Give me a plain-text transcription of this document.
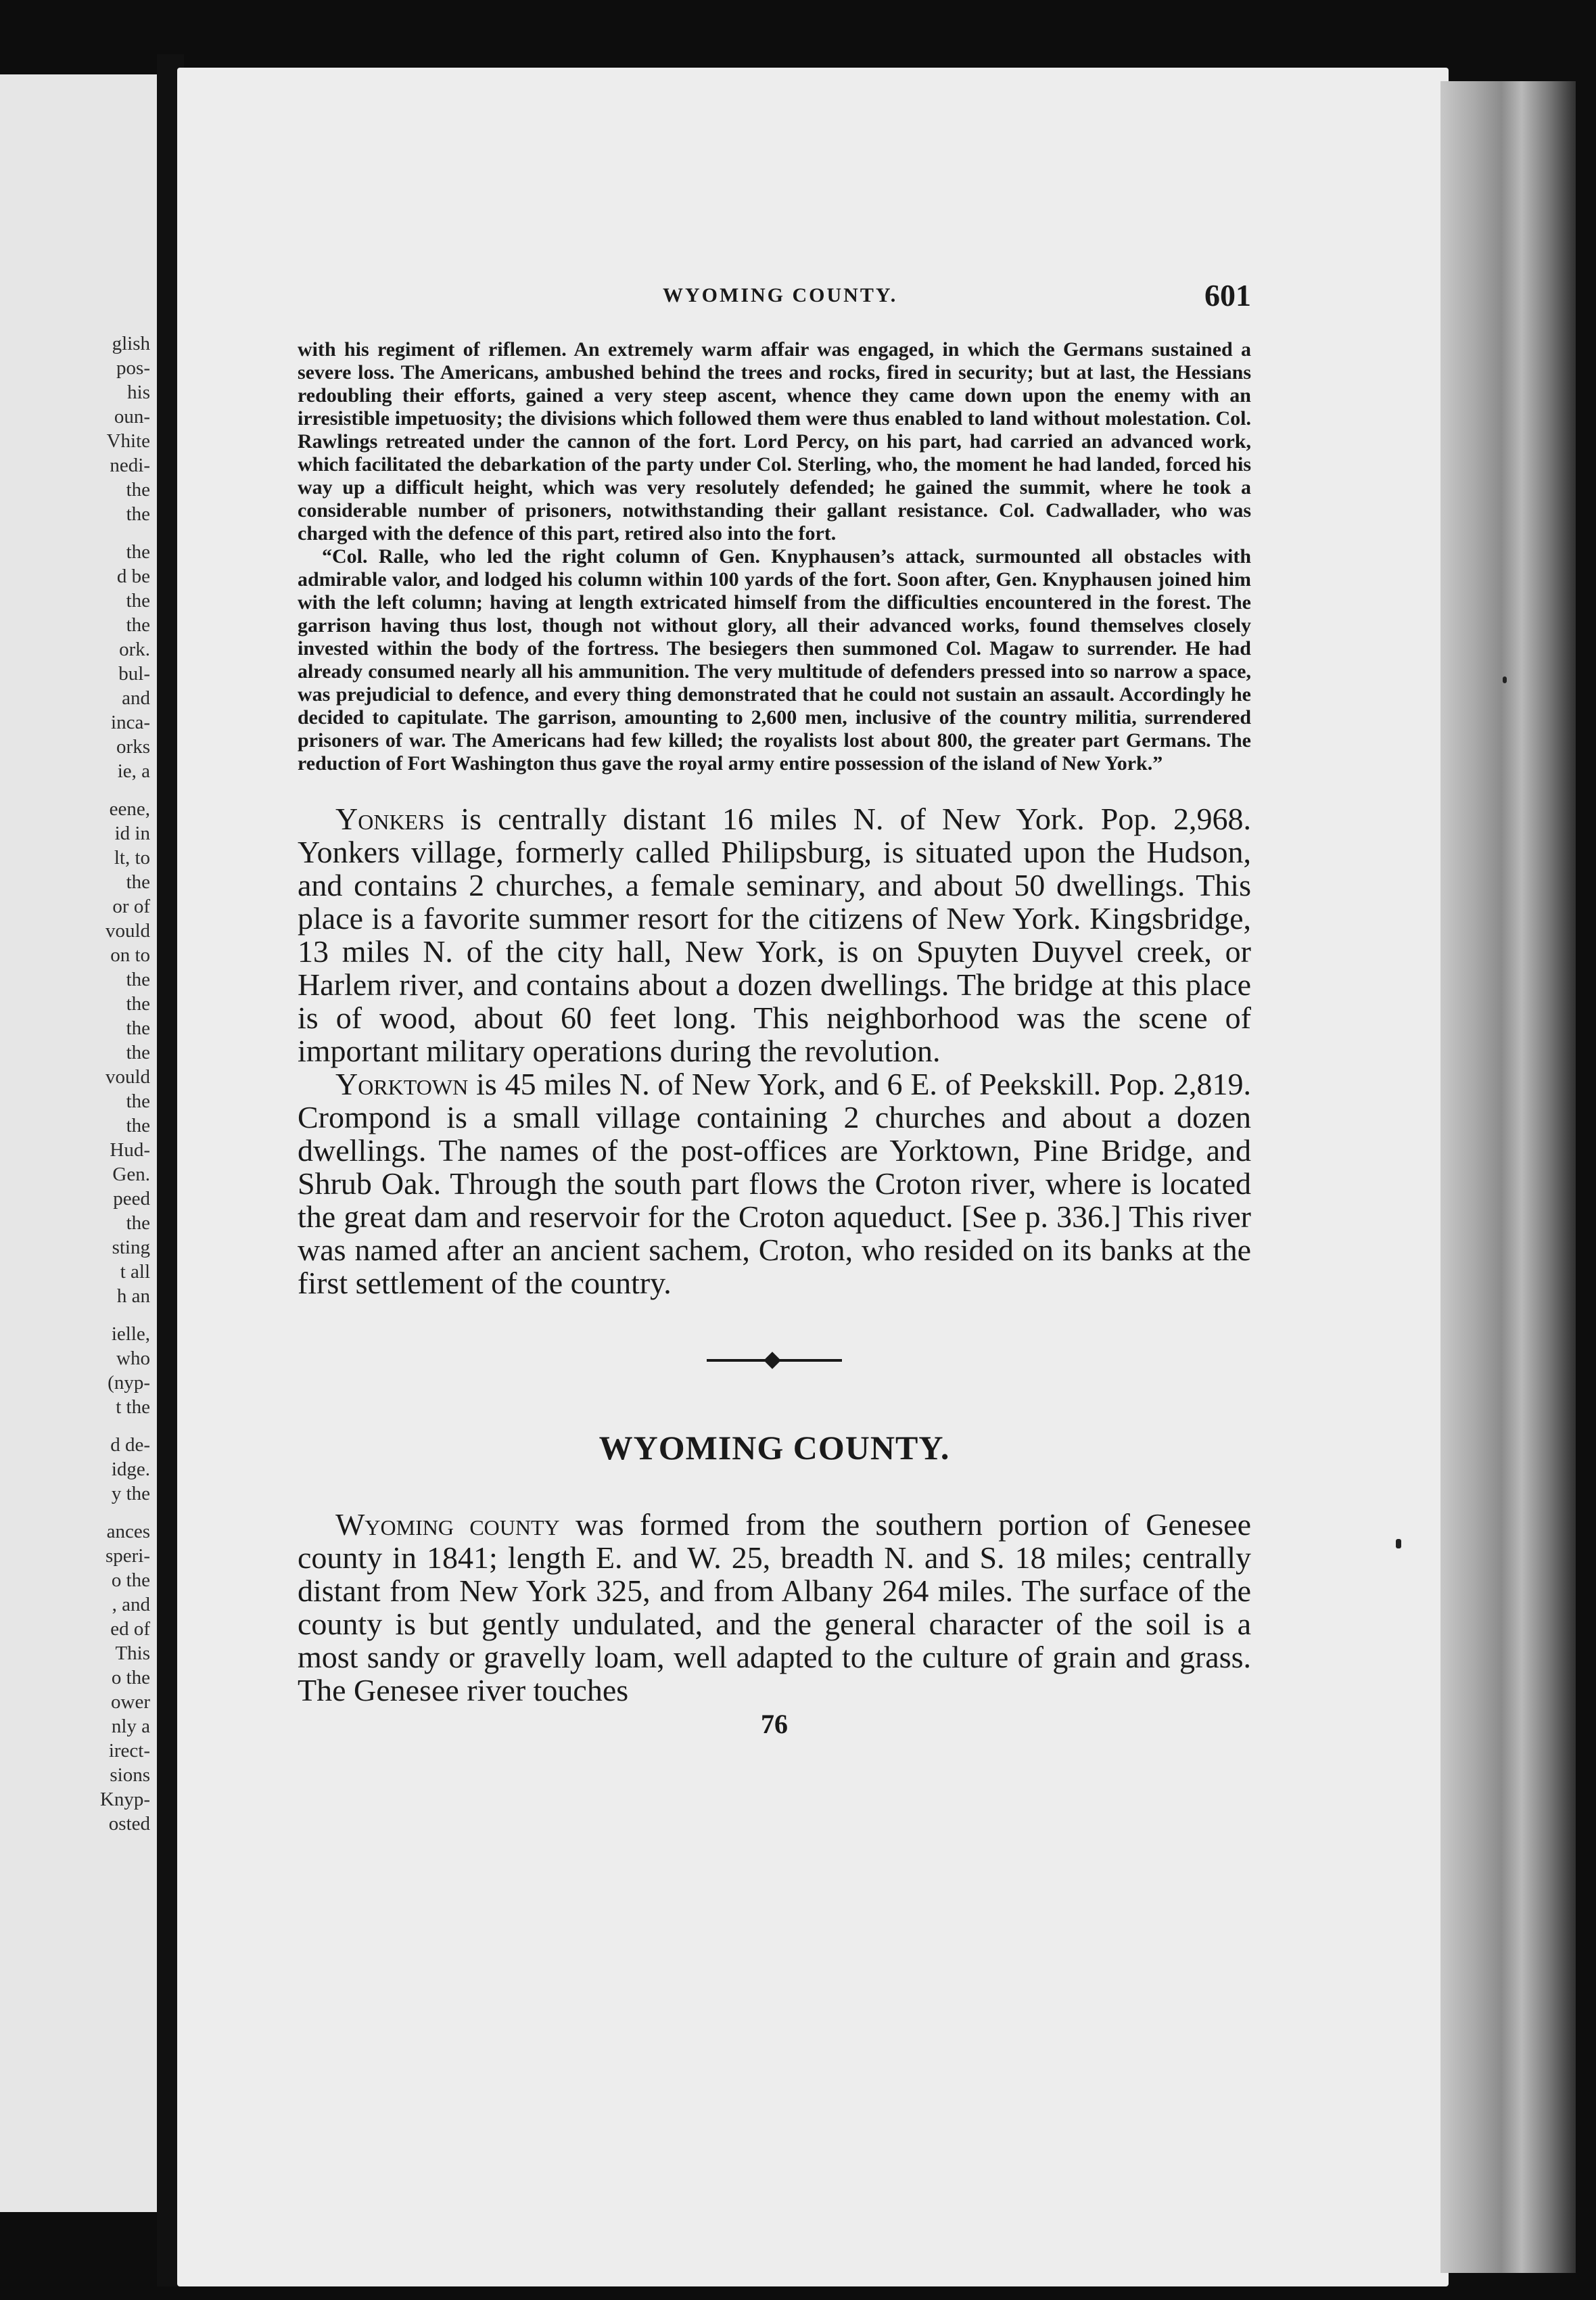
glish
pos-
his
oun-
Vhite
nedi-
the
the
the
d be
the
the
ork.
bul-
and
inca-
orks
ie, a
eene,
id in
lt, to
the
or of
vould
on to
the
the
the
the
vould
the
the
Hud-
Gen.
peed
the
sting
t all
h an
ielle,
who
(nyp-
t the
d de-
idge.
y the
ances
speri-
o the
, and
ed of
This
o the
ower
nly a
irect-
sions
Knyp-
osted
WYOMING COUNTY.	601

with his regiment of riflemen. An extremely warm affair was engaged, in which the Germans sustained a severe loss. The Americans, ambushed behind the trees and rocks, fired in security; but at last, the Hessians redoubling their efforts, gained a very steep ascent, whence they came down upon the enemy with an irresistible impetuosity; the divisions which followed them were thus enabled to land without molestation. Col. Rawlings retreated under the cannon of the fort. Lord Percy, on his part, had carried an advanced work, which facilitated the debarkation of the party under Col. Sterling, who, the moment he had landed, forced his way up a difficult height, which was very resolutely defended; he gained the summit, where he took a considerable number of prisoners, notwithstanding their gallant resistance. Col. Cadwallader, who was charged with the defence of this part, retired also into the fort.

“Col. Ralle, who led the right column of Gen. Knyphausen’s attack, surmounted all obstacles with admirable valor, and lodged his column within 100 yards of the fort. Soon after, Gen. Knyphausen joined him with the left column; having at length extricated himself from the difficulties encountered in the forest. The garrison having thus lost, though not without glory, all their advanced works, found themselves closely invested within the body of the fortress. The besiegers then summoned Col. Magaw to surrender. He had already consumed nearly all his ammunition. The very multitude of defenders pressed into so narrow a space, was prejudicial to defence, and every thing demonstrated that he could not sustain an assault. Accordingly he decided to capitulate. The garrison, amounting to 2,600 men, inclusive of the country militia, surrendered prisoners of war. The Americans had few killed; the royalists lost about 800, the greater part Germans. The reduction of Fort Washington thus gave the royal army entire possession of the island of New York.”

Yonkers is centrally distant 16 miles N. of New York. Pop. 2,968. Yonkers village, formerly called Philipsburg, is situated upon the Hudson, and contains 2 churches, a female seminary, and about 50 dwellings. This place is a favorite summer resort for the citizens of New York. Kingsbridge, 13 miles N. of the city hall, New York, is on Spuyten Duyvel creek, or Harlem river, and contains about a dozen dwellings. The bridge at this place is of wood, about 60 feet long. This neighborhood was the scene of important military operations during the revolution.

Yorktown is 45 miles N. of New York, and 6 E. of Peekskill. Pop. 2,819. Crompond is a small village containing 2 churches and about a dozen dwellings. The names of the post-offices are Yorktown, Pine Bridge, and Shrub Oak. Through the south part flows the Croton river, where is located the great dam and reservoir for the Croton aqueduct. [See p. 336.] This river was named after an ancient sachem, Croton, who resided on its banks at the first settlement of the country.

WYOMING COUNTY.

Wyoming county was formed from the southern portion of Genesee county in 1841; length E. and W. 25, breadth N. and S. 18 miles; centrally distant from New York 325, and from Albany 264 miles. The surface of the county is but gently undulated, and the general character of the soil is a most sandy or gravelly loam, well adapted to the culture of grain and grass. The Genesee river touches

76
